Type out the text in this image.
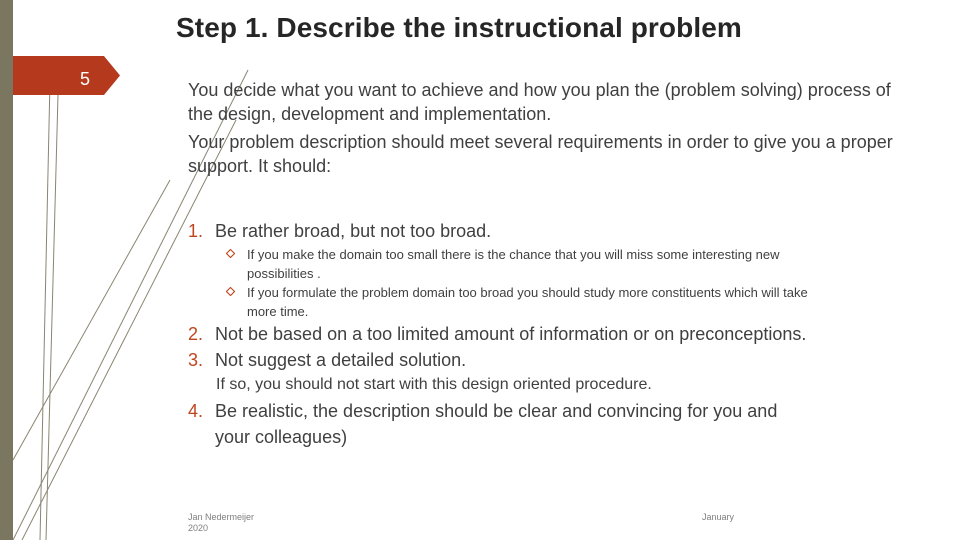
5
Step 1. Describe the instructional problem

You decide what you want to achieve and how you plan the (problem solving) process of the design, development and implementation.

Your problem description should meet several requirements in order to give you a proper support. It should:

1. Be rather broad, but not too broad.
If you make the domain too small there is the chance that you will miss some interesting new
possibilities .
If you formulate the problem domain too broad you should study more constituents which will take
more time.
2. Not be based on a too limited amount of information or on preconceptions.
3. Not suggest a detailed solution.
If so, you should not start with this design oriented procedure.
4. Be realistic, the description should be clear and convincing for you and
your colleagues)
Jan Nedermeijer
2020
January
